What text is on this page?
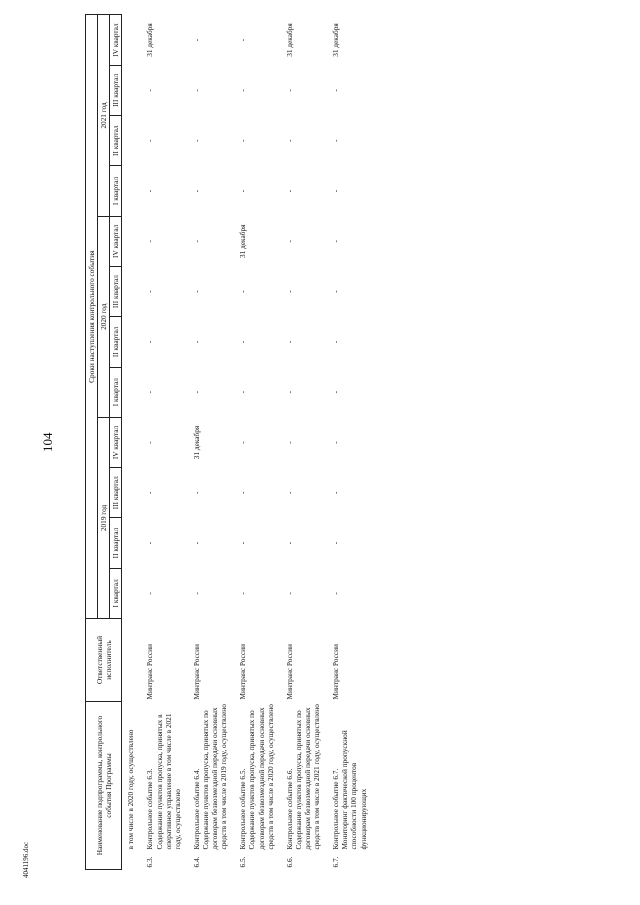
104
4041196.doc
Наименование подпрограммы, контрольного события Программы		Ответственный исполнитель	Сроки наступления контрольного события											
			2019 год				2020 год				2021 год			
			I квартал	II квартал	III квартал	IV квартал	I квартал	II квартал	III квартал	IV квартал	I квартал	II квартал	III квартал	IV квартал
	в том числе в 2020 году, осуществлено													
6.3.	Контрольное событие 6.3.
Содержание пунктов пропуска, принятых в оперативное управление в том числе в 2021 году, осуществлено	Минтранс России	-	-	-	-	-	-	-	-	-	-	-	31 декабря
6.4.	Контрольное событие 6.4.
Содержание пунктов пропуска, принятых по договорам безвозмездной передачи основных средств в том числе в 2019 году, осуществлено	Минтранс России	-	-	-	31 декабря	-	-	-	-	-	-	-	-
6.5.	Контрольное событие 6.5.
Содержание пунктов пропуска, принятых по договорам безвозмездной передачи основных средств в том числе в 2020 году, осуществлено	Минтранс России	-	-	-	-	-	-	-	31 декабря	-	-	-	-
6.6.	Контрольное событие 6.6.
Содержание пунктов пропуска, принятых по договорам безвозмездной передачи основных средств в том числе в 2021 году, осуществлено	Минтранс России	-	-	-	-	-	-	-	-	-	-	-	31 декабря
6.7.	Контрольное событие 6.7.
Мониторинг фактической пропускной способности 100 процентов функционирующих	Минтранс России	-	-	-	-	-	-	-	-	-	-	-	31 декабря
